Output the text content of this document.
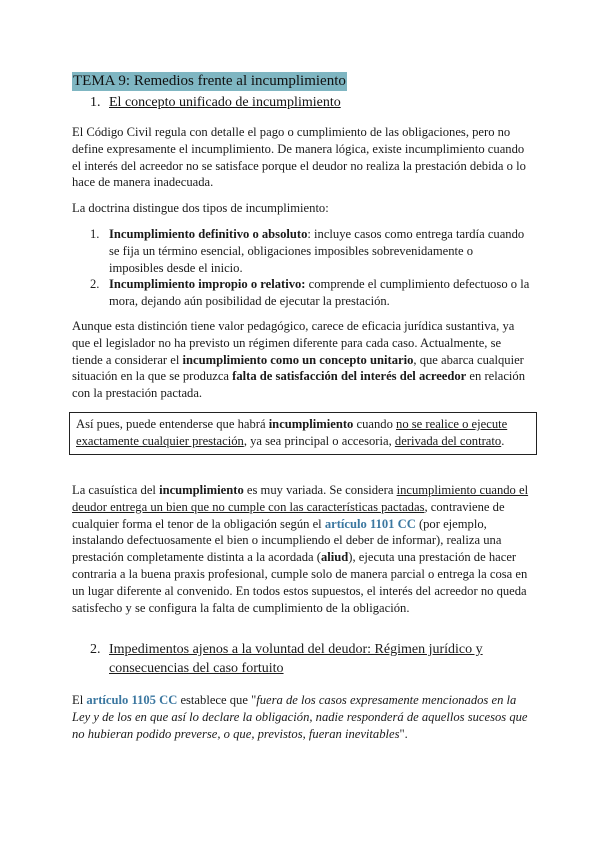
TEMA 9: Remedios frente al incumplimiento
1. El concepto unificado de incumplimiento
El Código Civil regula con detalle el pago o cumplimiento de las obligaciones, pero no define expresamente el incumplimiento. De manera lógica, existe incumplimiento cuando el interés del acreedor no se satisface porque el deudor no realiza la prestación debida o lo hace de manera inadecuada.
La doctrina distingue dos tipos de incumplimiento:
1. Incumplimiento definitivo o absoluto: incluye casos como entrega tardía cuando se fija un término esencial, obligaciones imposibles sobrevenidamente o imposibles desde el inicio.
2. Incumplimiento impropio o relativo: comprende el cumplimiento defectuoso o la mora, dejando aún posibilidad de ejecutar la prestación.
Aunque esta distinción tiene valor pedagógico, carece de eficacia jurídica sustantiva, ya que el legislador no ha previsto un régimen diferente para cada caso. Actualmente, se tiende a considerar el incumplimiento como un concepto unitario, que abarca cualquier situación en la que se produzca falta de satisfacción del interés del acreedor en relación con la prestación pactada.
Así pues, puede entenderse que habrá incumplimiento cuando no se realice o ejecute exactamente cualquier prestación, ya sea principal o accesoria, derivada del contrato.
La casuística del incumplimiento es muy variada. Se considera incumplimiento cuando el deudor entrega un bien que no cumple con las características pactadas, contraviene de cualquier forma el tenor de la obligación según el artículo 1101 CC (por ejemplo, instalando defectuosamente el bien o incumpliendo el deber de informar), realiza una prestación completamente distinta a la acordada (aliud), ejecuta una prestación de hacer contraria a la buena praxis profesional, cumple solo de manera parcial o entrega la cosa en un lugar diferente al convenido. En todos estos supuestos, el interés del acreedor no queda satisfecho y se configura la falta de cumplimiento de la obligación.
2. Impedimentos ajenos a la voluntad del deudor: Régimen jurídico y consecuencias del caso fortuito
El artículo 1105 CC establece que "fuera de los casos expresamente mencionados en la Ley y de los en que así lo declare la obligación, nadie responderá de aquellos sucesos que no hubieran podido preverse, o que, previstos, fueran inevitables".
